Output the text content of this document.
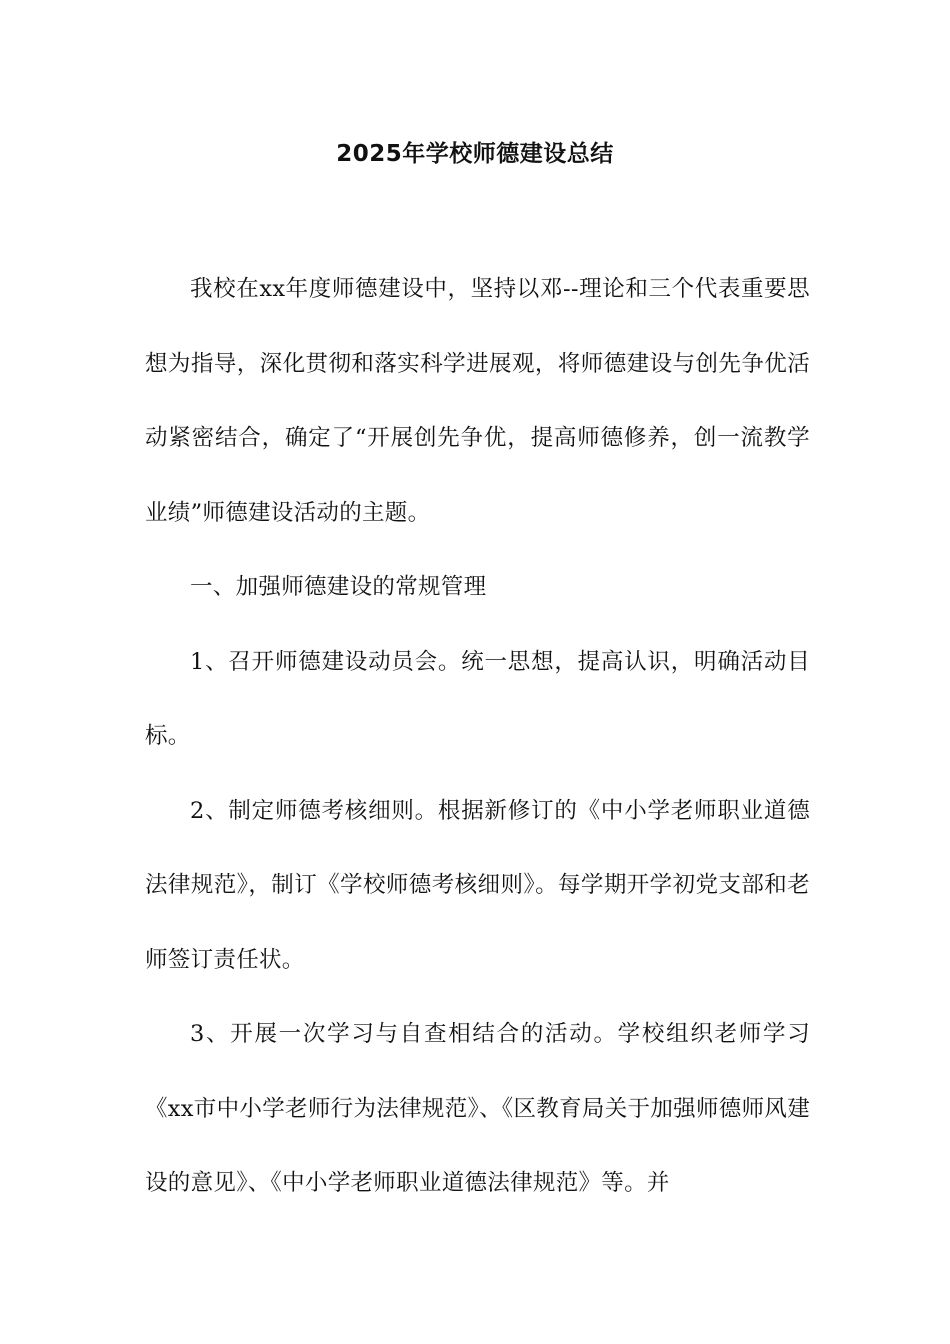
2025年学校师德建设总结

我校在xx年度师德建设中，坚持以邓--理论和三个代表重要思想为指导，深化贯彻和落实科学进展观，将师德建设与创先争优活动紧密结合，确定了“开展创先争优，提高师德修养，创一流教学业绩”师德建设活动的主题。

一、加强师德建设的常规管理

1、召开师德建设动员会。统一思想，提高认识，明确活动目标。

2、制定师德考核细则。根据新修订的《中小学老师职业道德法律规范》，制订《学校师德考核细则》。每学期开学初党支部和老师签订责任状。

3、开展一次学习与自查相结合的活动。学校组织老师学习《xx市中小学老师行为法律规范》、《区教育局关于加强师德师风建设的意见》、《中小学老师职业道德法律规范》等。并
